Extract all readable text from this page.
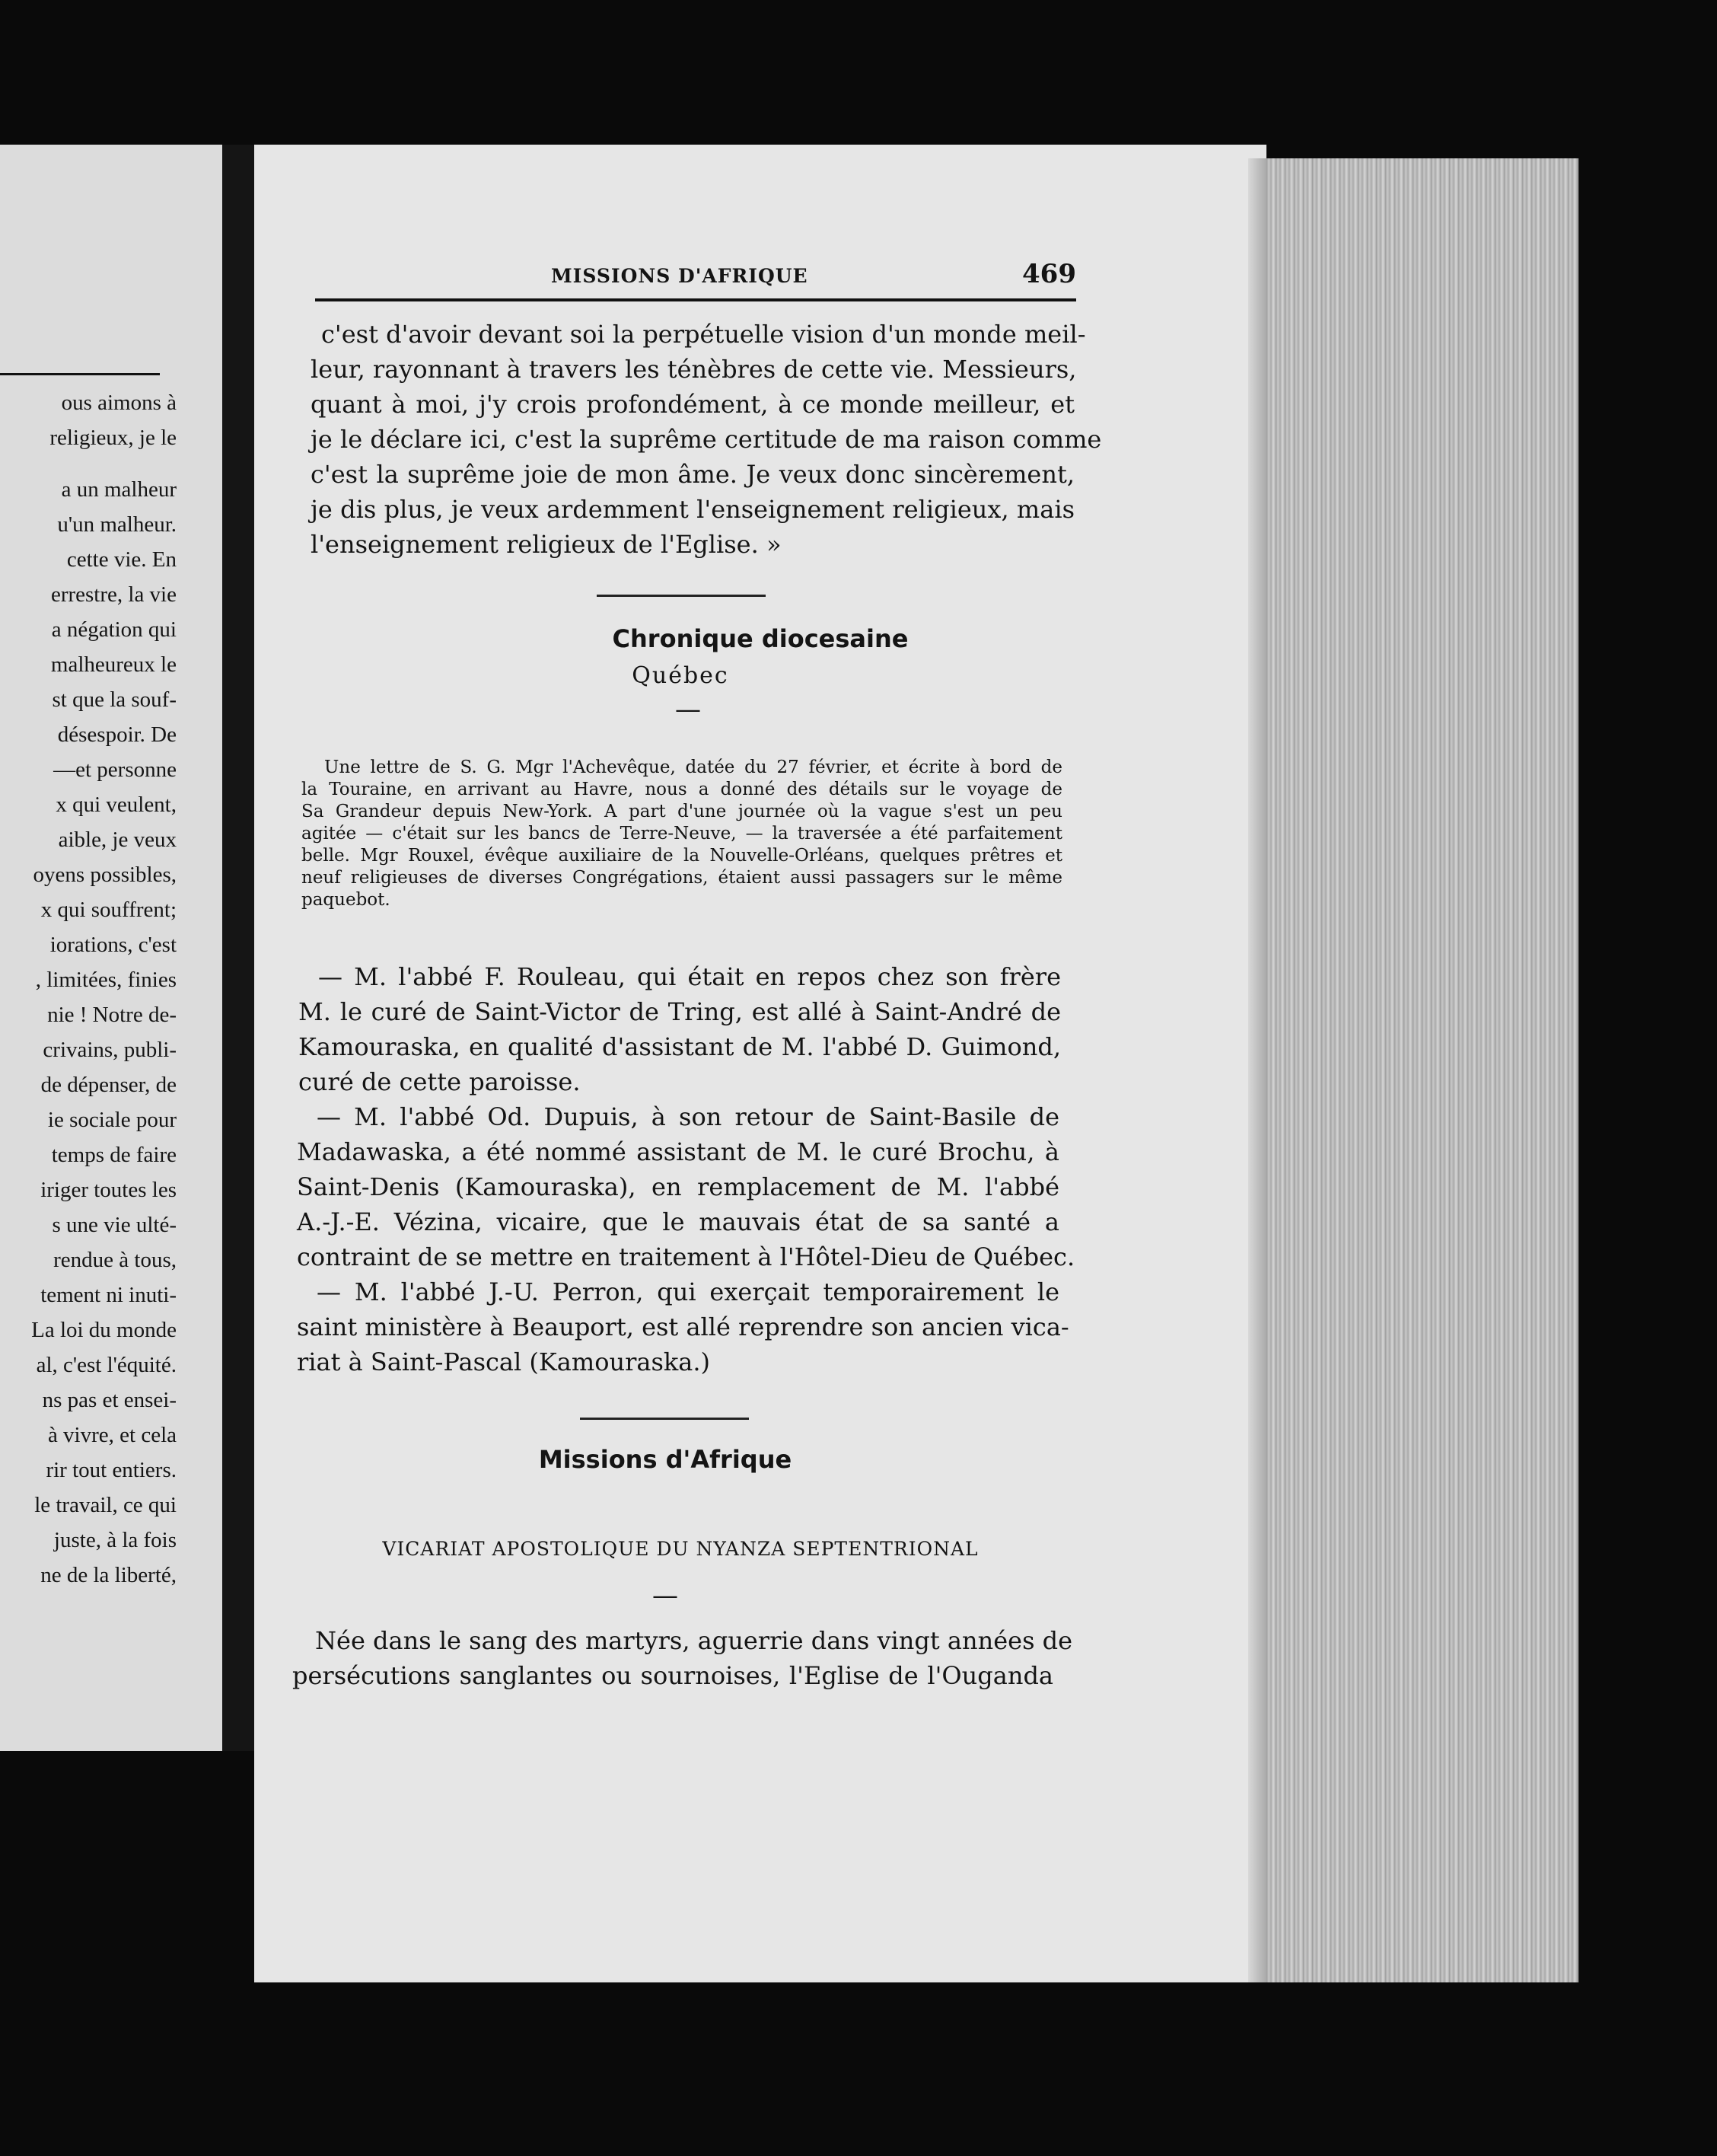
ous aimons à
religieux, je le
a un malheur
u'un malheur.
cette vie. En
errestre, la vie
a négation qui
malheureux le
st que la souf-
désespoir. De
—et personne
x qui veulent,
aible, je veux
oyens possibles,
x qui souffrent;
iorations, c'est
, limitées, finies
nie ! Notre de-
crivains, publi-
de dépenser, de
ie sociale pour
temps de faire
iriger toutes les
s une vie ulté-
rendue à tous,
tement ni inuti-
La loi du monde
al, c'est l'équité.
ns pas et ensei-
à vivre, et cela
rir tout entiers.
le travail, ce qui
juste, à la fois
ne de la liberté,
MISSIONS D'AFRIQUE	469
c'est d'avoir devant soi la perpétuelle vision d'un monde meil-
leur, rayonnant à travers les ténèbres de cette vie. Messieurs,
quant à moi, j'y crois profondément, à ce monde meilleur, et
je le déclare ici, c'est la suprême certitude de ma raison comme
c'est la suprême joie de mon âme. Je veux donc sincèrement,
je dis plus, je veux ardemment l'enseignement religieux, mais
l'enseignement religieux de l'Eglise. »
Chronique diocesaine
Québec
—
Une lettre de S. G. Mgr l'Achevêque, datée du 27 février, et écrite à bord de
la Touraine, en arrivant au Havre, nous a donné des détails sur le voyage de
Sa Grandeur depuis New-York. A part d'une journée où la vague s'est un peu
agitée — c'était sur les bancs de Terre-Neuve, — la traversée a été parfaitement
belle. Mgr Rouxel, évêque auxiliaire de la Nouvelle-Orléans, quelques prêtres et
neuf religieuses de diverses Congrégations, étaient aussi passagers sur le même
paquebot.
— M. l'abbé F. Rouleau, qui était en repos chez son frère
M. le curé de Saint-Victor de Tring, est allé à Saint-André de
Kamouraska, en qualité d'assistant de M. l'abbé D. Guimond,
curé de cette paroisse.
— M. l'abbé Od. Dupuis, à son retour de Saint-Basile de
Madawaska, a été nommé assistant de M. le curé Brochu, à
Saint-Denis (Kamouraska), en remplacement de M. l'abbé
A.-J.-E. Vézina, vicaire, que le mauvais état de sa santé a
contraint de se mettre en traitement à l'Hôtel-Dieu de Québec.
— M. l'abbé J.-U. Perron, qui exerçait temporairement le
saint ministère à Beauport, est allé reprendre son ancien vica-
riat à Saint-Pascal (Kamouraska.)
Missions d'Afrique
VICARIAT APOSTOLIQUE DU NYANZA SEPTENTRIONAL
—
Née dans le sang des martyrs, aguerrie dans vingt années de
persécutions sanglantes ou sournoises, l'Eglise de l'Ouganda
